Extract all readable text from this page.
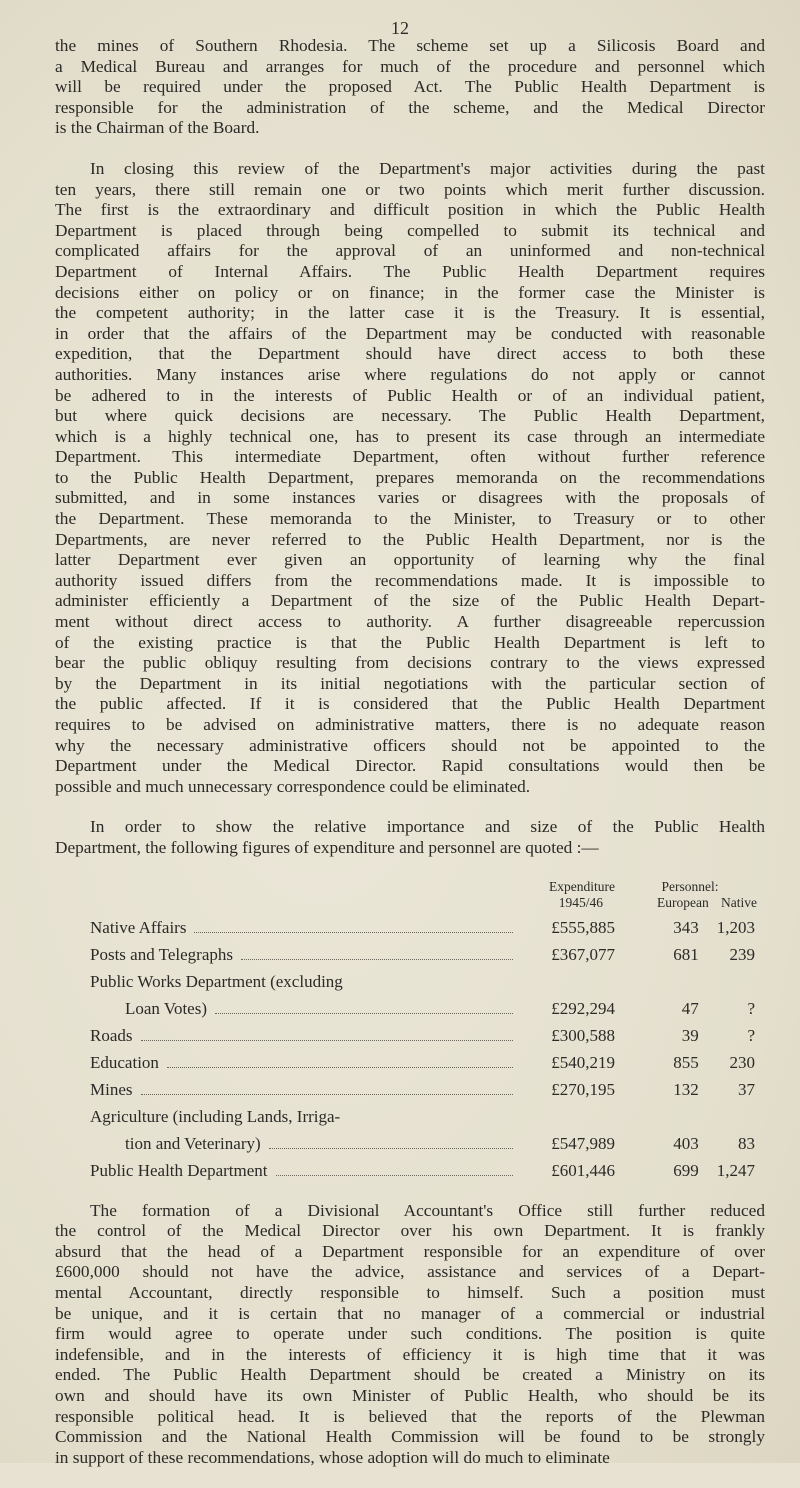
12
the mines of Southern Rhodesia. The scheme set up a Silicosis Board and
a Medical Bureau and arranges for much of the procedure and personnel which
will be required under the proposed Act. The Public Health Department is
responsible for the administration of the scheme, and the Medical Director
is the Chairman of the Board.
In closing this review of the Department's major activities during the past
ten years, there still remain one or two points which merit further discussion.
The first is the extraordinary and difficult position in which the Public Health
Department is placed through being compelled to submit its technical and
complicated affairs for the approval of an uninformed and non-technical
Department of Internal Affairs. The Public Health Department requires
decisions either on policy or on finance; in the former case the Minister is
the competent authority; in the latter case it is the Treasury. It is essential,
in order that the affairs of the Department may be conducted with reasonable
expedition, that the Department should have direct access to both these
authorities. Many instances arise where regulations do not apply or cannot
be adhered to in the interests of Public Health or of an individual patient,
but where quick decisions are necessary. The Public Health Department,
which is a highly technical one, has to present its case through an intermediate
Department. This intermediate Department, often without further reference
to the Public Health Department, prepares memoranda on the recommendations
submitted, and in some instances varies or disagrees with the proposals of
the Department. These memoranda to the Minister, to Treasury or to other
Departments, are never referred to the Public Health Department, nor is the
latter Department ever given an opportunity of learning why the final
authority issued differs from the recommendations made. It is impossible to
administer efficiently a Department of the size of the Public Health Depart-
ment without direct access to authority. A further disagreeable repercussion
of the existing practice is that the Public Health Department is left to
bear the public obliquy resulting from decisions contrary to the views expressed
by the Department in its initial negotiations with the particular section of
the public affected. If it is considered that the Public Health Department
requires to be advised on administrative matters, there is no adequate reason
why the necessary administrative officers should not be appointed to the
Department under the Medical Director. Rapid consultations would then be
possible and much unnecessary correspondence could be eliminated.
In order to show the relative importance and size of the Public Health
Department, the following figures of expenditure and personnel are quoted :—
	Expenditure	Personnel:	
	1945/46	European	Native

Native Affairs	£555,885	343	1,203

Posts and Telegraphs	£367,077	681	239
Public Works Department (excluding			

Loan Votes)	£292,294	47	?

Roads	£300,588	39	?

Education	£540,219	855	230

Mines	£270,195	132	37
Agriculture (including Lands, Irriga-			

tion and Veterinary)	£547,989	403	83

Public Health Department	£601,446	699	1,247
The formation of a Divisional Accountant's Office still further reduced
the control of the Medical Director over his own Department. It is frankly
absurd that the head of a Department responsible for an expenditure of over
£600,000 should not have the advice, assistance and services of a Depart-
mental Accountant, directly responsible to himself. Such a position must
be unique, and it is certain that no manager of a commercial or industrial
firm would agree to operate under such conditions. The position is quite
indefensible, and in the interests of efficiency it is high time that it was
ended. The Public Health Department should be created a Ministry on its
own and should have its own Minister of Public Health, who should be its
responsible political head. It is believed that the reports of the Plewman
Commission and the National Health Commission will be found to be strongly
in support of these recommendations, whose adoption will do much to eliminate
